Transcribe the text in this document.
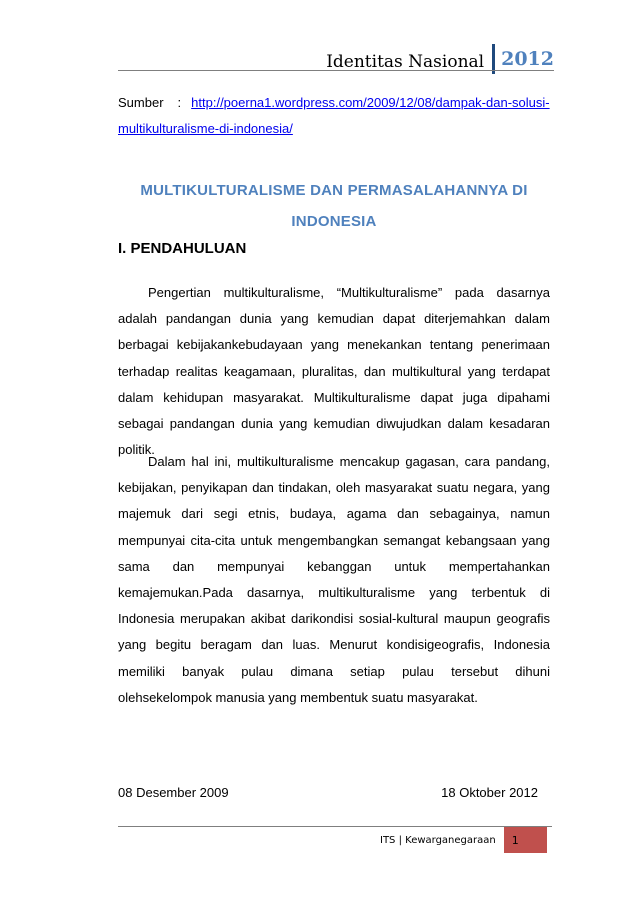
Identitas Nasional 2012
Sumber : http://poerna1.wordpress.com/2009/12/08/dampak-dan-solusi-multikulturalisme-di-indonesia/
MULTIKULTURALISME DAN PERMASALAHANNYA DI
INDONESIA
I. PENDAHULUAN
Pengertian multikulturalisme, “Multikulturalisme” pada dasarnya adalah pandangan dunia yang kemudian dapat diterjemahkan dalam berbagai kebijakankebudayaan yang menekankan tentang penerimaan terhadap realitas keagamaan, pluralitas, dan multikultural yang terdapat dalam kehidupan masyarakat. Multikulturalisme dapat juga dipahami sebagai pandangan dunia yang kemudian diwujudkan dalam kesadaran politik.
Dalam hal ini, multikulturalisme mencakup gagasan, cara pandang, kebijakan, penyikapan dan tindakan, oleh masyarakat suatu negara, yang majemuk dari segi etnis, budaya, agama dan sebagainya, namun mempunyai cita-cita untuk mengembangkan semangat kebangsaan yang sama dan mempunyai kebanggan untuk mempertahankan kemajemukan.Pada dasarnya, multikulturalisme yang terbentuk di Indonesia merupakan akibat darikondisi sosial-kultural maupun geografis yang begitu beragam dan luas. Menurut kondisigeografis, Indonesia memiliki banyak pulau dimana setiap pulau tersebut dihuni olehsekelompok manusia yang membentuk suatu masyarakat.
08 Desember 2009	18 Oktober 2012
ITS | Kewarganegaraan	1
